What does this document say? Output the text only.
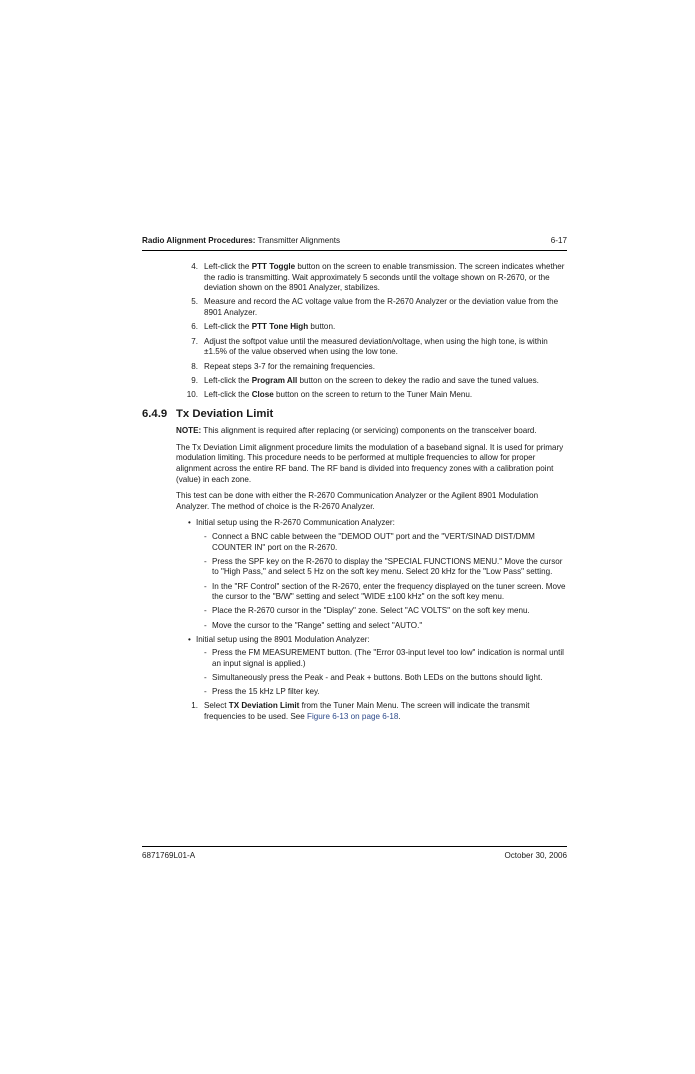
Radio Alignment Procedures: Transmitter Alignments	6-17
4. Left-click the PTT Toggle button on the screen to enable transmission. The screen indicates whether the radio is transmitting. Wait approximately 5 seconds until the voltage shown on R-2670, or the deviation shown on the 8901 Analyzer, stabilizes.
5. Measure and record the AC voltage value from the R-2670 Analyzer or the deviation value from the 8901 Analyzer.
6. Left-click the PTT Tone High button.
7. Adjust the softpot value until the measured deviation/voltage, when using the high tone, is within ±1.5% of the value observed when using the low tone.
8. Repeat steps 3-7 for the remaining frequencies.
9. Left-click the Program All button on the screen to dekey the radio and save the tuned values.
10. Left-click the Close button on the screen to return to the Tuner Main Menu.
6.4.9 Tx Deviation Limit

NOTE: This alignment is required after replacing (or servicing) components on the transceiver board.

The Tx Deviation Limit alignment procedure limits the modulation of a baseband signal. It is used for primary modulation limiting. This procedure needs to be performed at multiple frequencies to allow for proper alignment across the entire RF band. The RF band is divided into frequency zones with a calibration point (value) in each zone.

This test can be done with either the R-2670 Communication Analyzer or the Agilent 8901 Modulation Analyzer. The method of choice is the R-2670 Analyzer.

• Initial setup using the R-2670 Communication Analyzer:
- Connect a BNC cable between the "DEMOD OUT" port and the "VERT/SINAD DIST/DMM COUNTER IN" port on the R-2670.
- Press the SPF key on the R-2670 to display the "SPECIAL FUNCTIONS MENU." Move the cursor to "High Pass," and select 5 Hz on the soft key menu. Select 20 kHz for the "Low Pass" setting.
- In the "RF Control" section of the R-2670, enter the frequency displayed on the tuner screen. Move the cursor to the "B/W" setting and select "WIDE ±100 kHz" on the soft key menu.
- Place the R-2670 cursor in the "Display" zone. Select "AC VOLTS" on the soft key menu.
- Move the cursor to the "Range" setting and select "AUTO."
• Initial setup using the 8901 Modulation Analyzer:
- Press the FM MEASUREMENT button. (The "Error 03-input level too low" indication is normal until an input signal is applied.)
- Simultaneously press the Peak - and Peak + buttons. Both LEDs on the buttons should light.
- Press the 15 kHz LP filter key.
1. Select TX Deviation Limit from the Tuner Main Menu. The screen will indicate the transmit frequencies to be used. See Figure 6-13 on page 6-18.
6871769L01-A	October 30, 2006
